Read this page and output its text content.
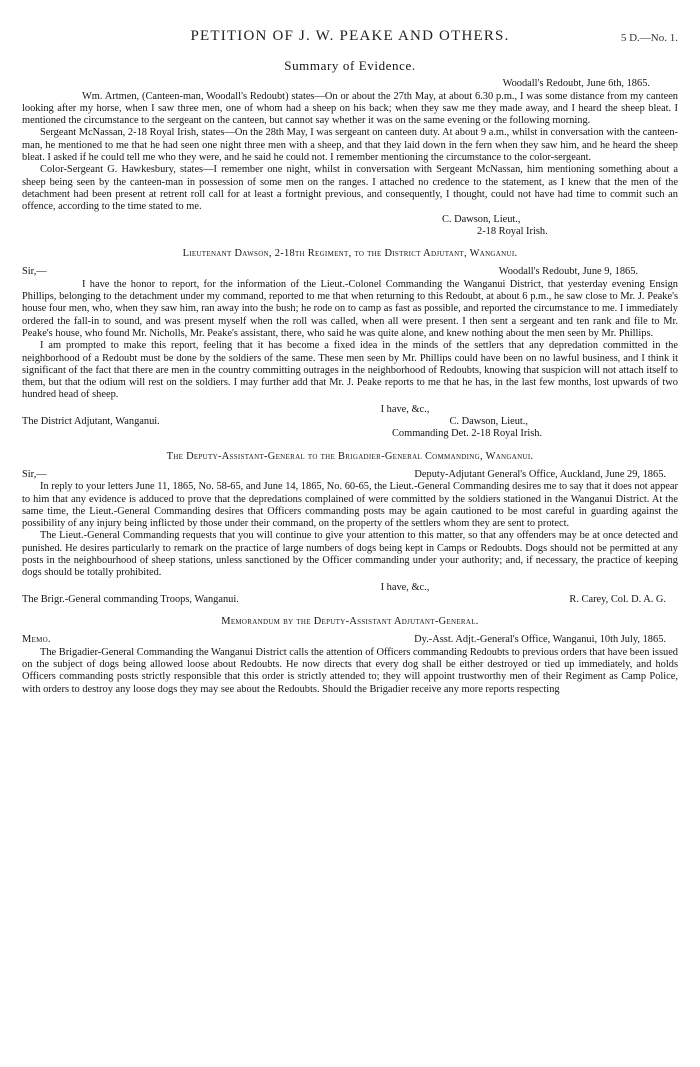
PETITION OF J. W. PEAKE AND OTHERS.	5 D.—No. 1.

Summary of Evidence.

Woodall's Redoubt, June 6th, 1865.

Wm. Artmen, (Canteen-man, Woodall's Redoubt) states—On or about the 27th May, at about 6.30 p.m., I was some distance from my canteen looking after my horse, when I saw three men, one of whom had a sheep on his back; when they saw me they made away, and I heard the sheep bleat. I mentioned the circumstance to the sergeant on the canteen, but cannot say whether it was on the same evening or the following morning.

Sergeant McNassan, 2-18 Royal Irish, states—On the 28th May, I was sergeant on canteen duty. At about 9 a.m., whilst in conversation with the canteen-man, he mentioned to me that he had seen one night three men with a sheep, and that they laid down in the fern when they saw him, and he heard the sheep bleat. I asked if he could tell me who they were, and he said he could not. I remember mentioning the circumstance to the color-sergeant.

Color-Sergeant G. Hawkesbury, states—I remember one night, whilst in conversation with Sergeant McNassan, him mentioning something about a sheep being seen by the canteen-man in possession of some men on the ranges. I attached no credence to the statement, as I knew that the men of the detachment had been present at retrent roll call for at least a fortnight previous, and consequently, I thought, could not have had time to commit such an offence, according to the time stated to me.

C. Dawson, Lieut.,

2-18 Royal Irish.

Lieutenant Dawson, 2-18th Regiment, to the District Adjutant, Wanganui.

Sir,—	Woodall's Redoubt, June 9, 1865.

I have the honor to report, for the information of the Lieut.-Colonel Commanding the Wanganui District, that yesterday evening Ensign Phillips, belonging to the detachment under my command, reported to me that when returning to this Redoubt, at about 6 p.m., he saw close to Mr. J. Peake's house four men, who, when they saw him, ran away into the bush; he rode on to camp as fast as possible, and reported the circumstance to me. I immediately ordered the fall-in to sound, and was present myself when the roll was called, when all were present. I then sent a sergeant and ten rank and file to Mr. Peake's house, who found Mr. Nicholls, Mr. Peake's assistant, there, who said he was quite alone, and knew nothing about the men seen by Mr. Phillips.

I am prompted to make this report, feeling that it has become a fixed idea in the minds of the settlers that any depredation committed in the neighborhood of a Redoubt must be done by the soldiers of the same. These men seen by Mr. Phillips could have been on no lawful business, and I think it significant of the fact that there are men in the country committing outrages in the neighborhood of Redoubts, knowing that suspicion will not attach itself to them, but that the odium will rest on the soldiers. I may further add that Mr. J. Peake reports to me that he has, in the last few months, lost upwards of two hundred head of sheep.

I have, &c.,

The District Adjutant, Wanganui.	C. Dawson, Lieut.,

Commanding Det. 2-18 Royal Irish.

The Deputy-Assistant-General to the Brigadier-General Commanding, Wanganui.

Sir,—	Deputy-Adjutant General's Office, Auckland, June 29, 1865.

In reply to your letters June 11, 1865, No. 58-65, and June 14, 1865, No. 60-65, the Lieut.-General Commanding desires me to say that it does not appear to him that any evidence is adduced to prove that the depredations complained of were committed by the soldiers stationed in the Wanganui District. At the same time, the Lieut.-General Commanding desires that Officers commanding posts may be again cautioned to be most careful in guarding against the possibility of any injury being inflicted by those under their command, on the property of the settlers whom they are sent to protect.

The Lieut.-General Commanding requests that you will continue to give your attention to this matter, so that any offenders may be at once detected and punished. He desires particularly to remark on the practice of large numbers of dogs being kept in Camps or Redoubts. Dogs should not be permitted at any posts in the neighbourhood of sheep stations, unless sanctioned by the Officer commanding under your authority; and, if necessary, the practice of keeping dogs should be totally prohibited.

I have, &c.,

The Brigr.-General commanding Troops, Wanganui.	R. Carey, Col. D. A. G.

Memorandum by the Deputy-Assistant Adjutant-General.

Memo.	Dy.-Asst. Adjt.-General's Office, Wanganui, 10th July, 1865.

The Brigadier-General Commanding the Wanganui District calls the attention of Officers commanding Redoubts to previous orders that have been issued on the subject of dogs being allowed loose about Redoubts. He now directs that every dog shall be either destroyed or tied up immediately, and holds Officers commanding posts strictly responsible that this order is strictly attended to; they will appoint trustworthy men of their Regiment as Camp Police, with orders to destroy any loose dogs they may see about the Redoubts. Should the Brigadier receive any more reports respecting
